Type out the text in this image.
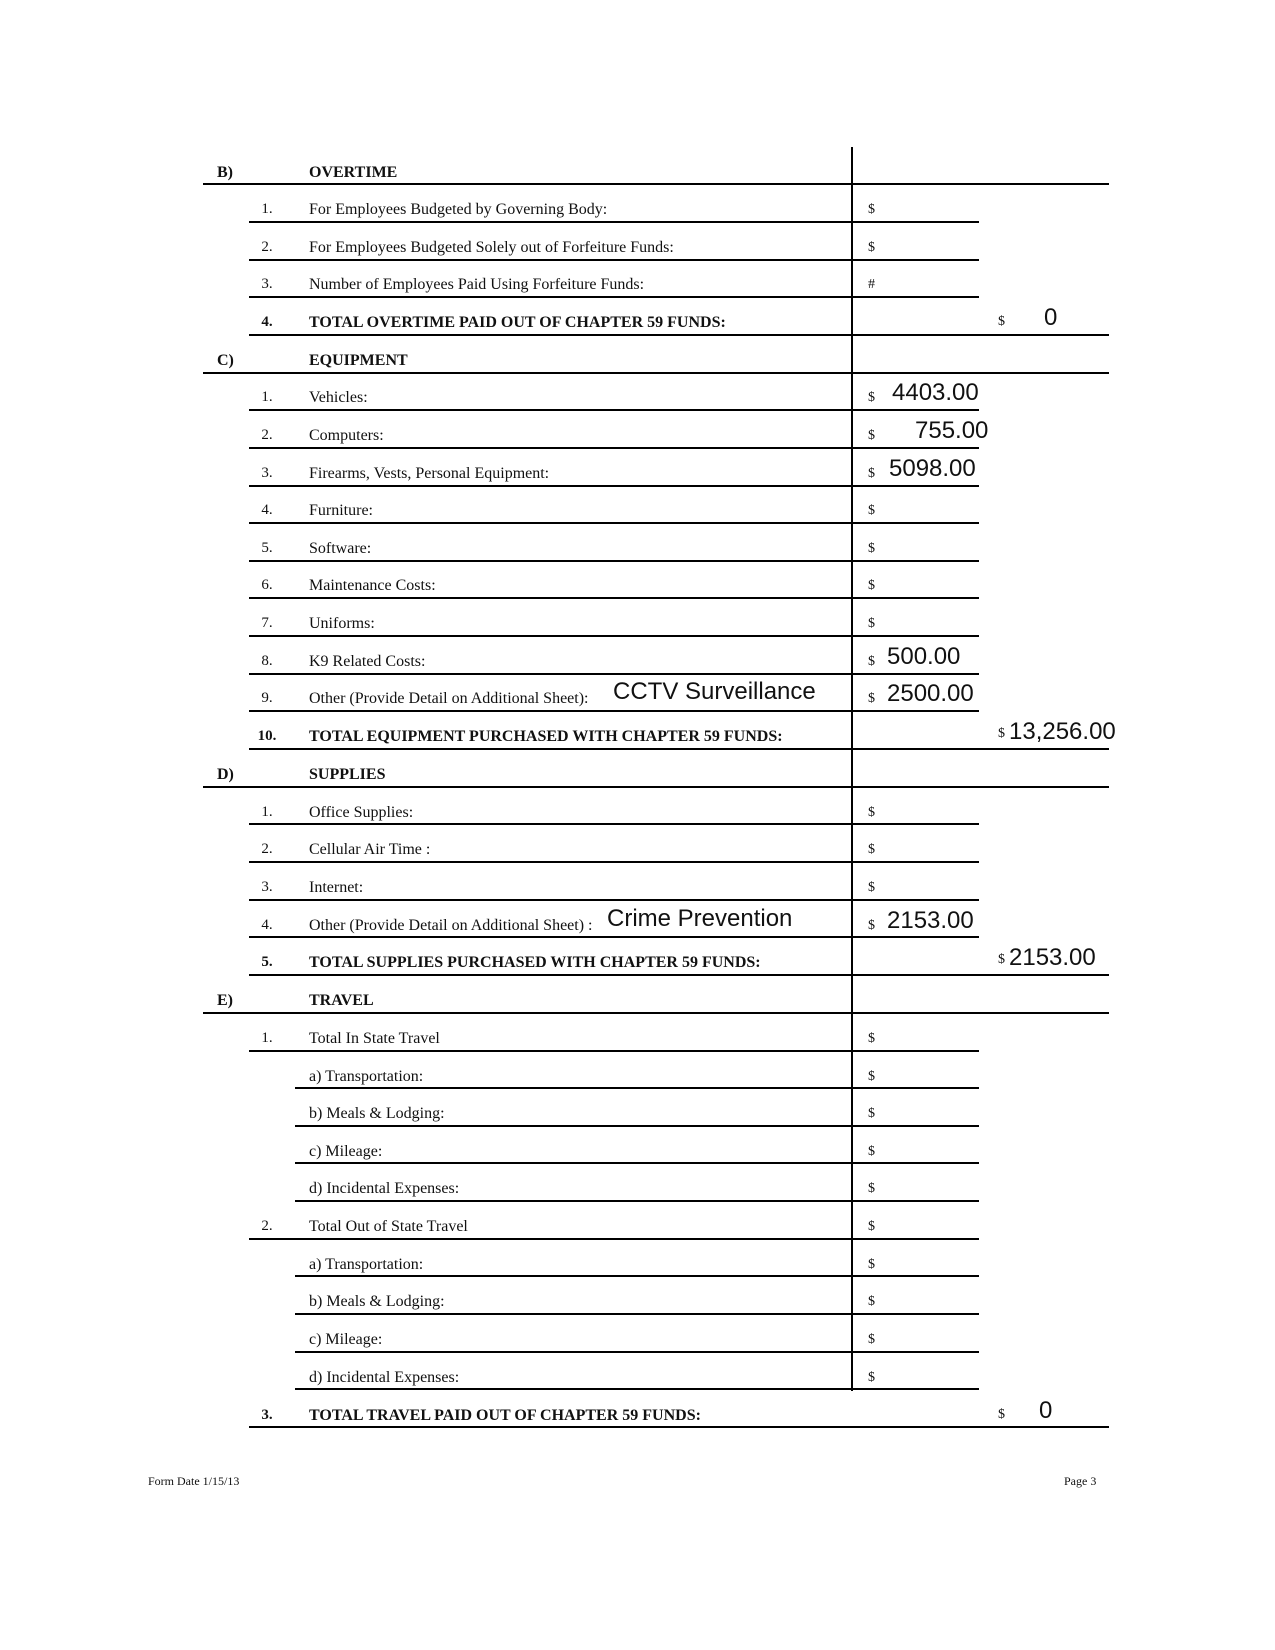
B)	OVERTIME
1.	For Employees Budgeted by Governing Body:	$
2.	For Employees Budgeted Solely out of Forfeiture Funds:	$
3.	Number of Employees Paid Using Forfeiture Funds:	#
4.	TOTAL OVERTIME PAID OUT OF CHAPTER 59 FUNDS:	$ 0
C)	EQUIPMENT
1.	Vehicles:	$ 4403.00
2.	Computers:	$ 755.00
3.	Firearms, Vests, Personal Equipment:	$ 5098.00
4.	Furniture:	$
5.	Software:	$
6.	Maintenance Costs:	$
7.	Uniforms:	$
8.	K9 Related Costs:	$ 500.00
9.	Other (Provide Detail on Additional Sheet): CCTV Surveillance	$ 2500.00
10.	TOTAL EQUIPMENT PURCHASED WITH CHAPTER 59 FUNDS:	$ 13,256.00
D)	SUPPLIES
1.	Office Supplies:	$
2.	Cellular Air Time :	$
3.	Internet:	$
4.	Other (Provide Detail on Additional Sheet) : Crime Prevention	$ 2153.00
5.	TOTAL SUPPLIES PURCHASED WITH CHAPTER 59 FUNDS:	$ 2153.00
E)	TRAVEL
1.	Total In State Travel	$
a) Transportation:	$
b) Meals & Lodging:	$
c) Mileage:	$
d) Incidental Expenses:	$
2.	Total Out of State Travel	$
a) Transportation:	$
b) Meals & Lodging:	$
c) Mileage:	$
d) Incidental Expenses:	$
3.	TOTAL TRAVEL PAID OUT OF CHAPTER 59 FUNDS:	$ 0
Form Date 1/15/13	Page 3
